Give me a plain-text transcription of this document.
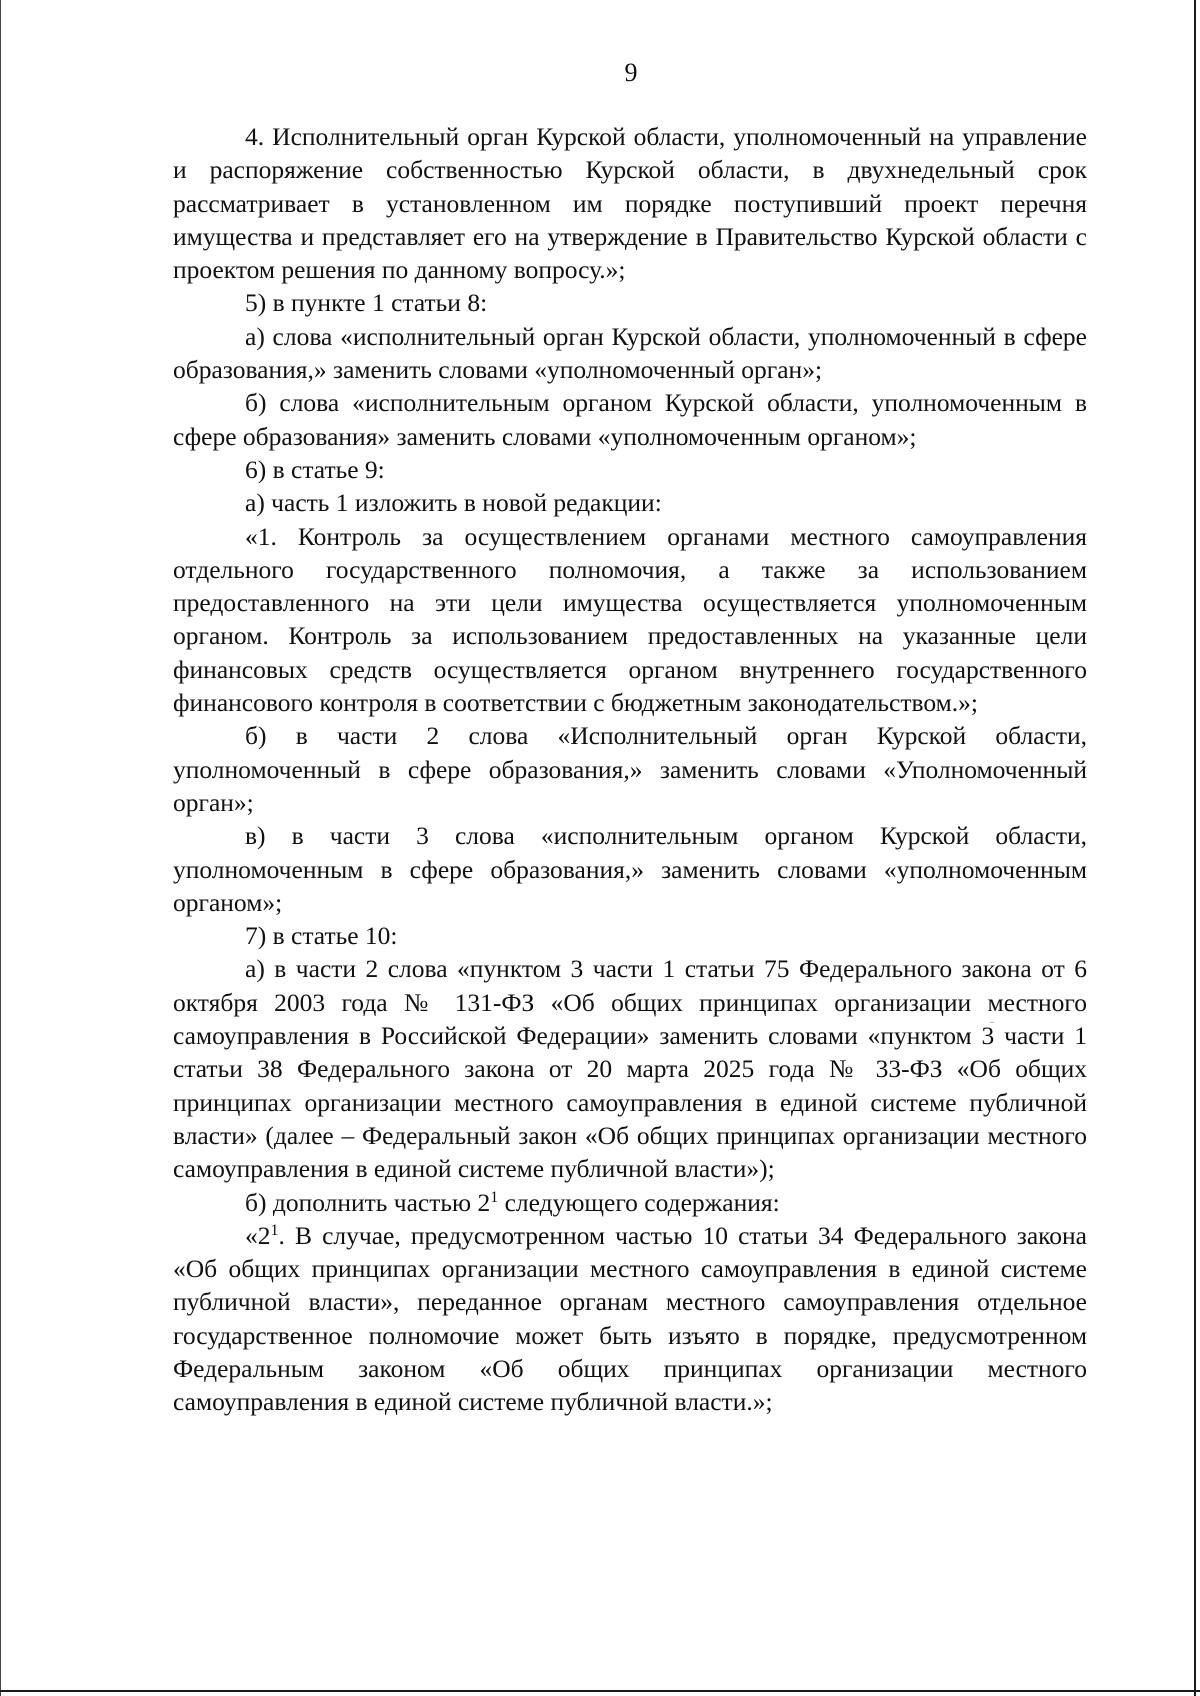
9

4. Исполнительный орган Курской области, уполномоченный на управление и распоряжение собственностью Курской области, в двухнедельный срок рассматривает в установленном им порядке поступивший проект перечня имущества и представляет его на утверждение в Правительство Курской области с проектом решения по данному вопросу.»;

5) в пункте 1 статьи 8:

а) слова «исполнительный орган Курской области, уполномоченный в сфере образования,» заменить словами «уполномоченный орган»;

б) слова «исполнительным органом Курской области, уполномоченным в сфере образования» заменить словами «уполномоченным органом»;

6) в статье 9:

а) часть 1 изложить в новой редакции:

«1. Контроль за осуществлением органами местного самоуправления отдельного государственного полномочия, а также за использованием предоставленного на эти цели имущества осуществляется уполномоченным органом. Контроль за использованием предоставленных на указанные цели финансовых средств осуществляется органом внутреннего государственного финансового контроля в соответствии с бюджетным законодательством.»;

б) в части 2 слова «Исполнительный орган Курской области, уполномоченный в сфере образования,» заменить словами «Уполномоченный орган»;

в) в части 3 слова «исполнительным органом Курской области, уполномоченным в сфере образования,» заменить словами «уполномоченным органом»;

7) в статье 10:

а) в части 2 слова «пунктом 3 части 1 статьи 75 Федерального закона от 6 октября 2003 года № 131-ФЗ «Об общих принципах организации местного самоуправления в Российской Федерации» заменить словами «пунктом 3 части 1 статьи 38 Федерального закона от 20 марта 2025 года № 33-ФЗ «Об общих принципах организации местного самоуправления в единой системе публичной власти» (далее – Федеральный закон «Об общих принципах организации местного самоуправления в единой системе публичной власти»);

б) дополнить частью $2^1$ следующего содержания:

«$2^1$. В случае, предусмотренном частью 10 статьи 34 Федерального закона «Об общих принципах организации местного самоуправления в единой системе публичной власти», переданное органам местного самоуправления отдельное государственное полномочие может быть изъято в порядке, предусмотренном Федеральным законом «Об общих принципах организации местного самоуправления в единой системе публичной власти.»;
